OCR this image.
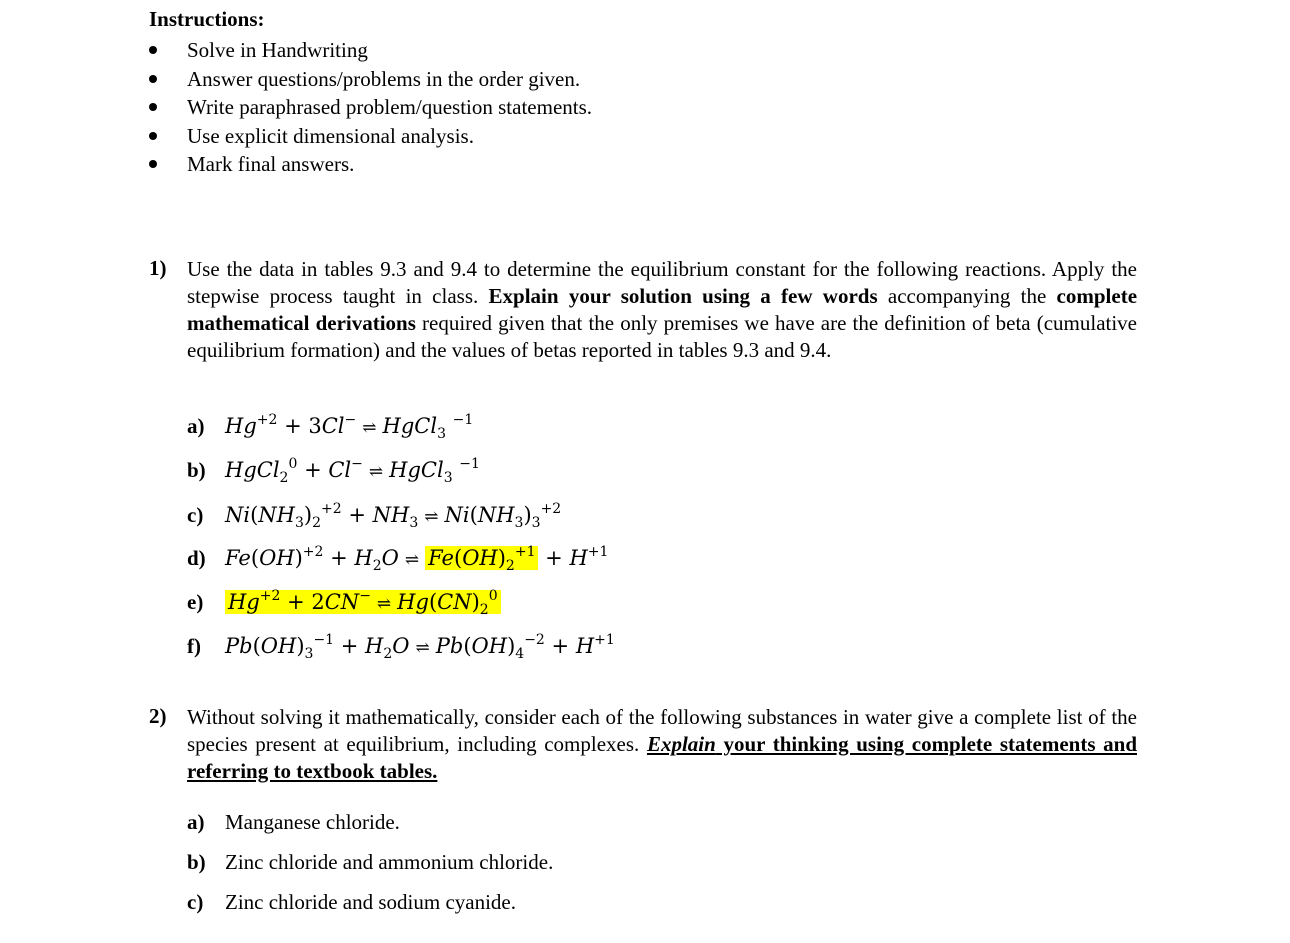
Instructions:
Solve in Handwriting
Answer questions/problems in the order given.
Write paraphrased problem/question statements.
Use explicit dimensional analysis.
Mark final answers.
1) Use the data in tables 9.3 and 9.4 to determine the equilibrium constant for the following reactions. Apply the stepwise process taught in class. Explain your solution using a few words accompanying the complete mathematical derivations required given that the only premises we have are the definition of beta (cumulative equilibrium formation) and the values of betas reported in tables 9.3 and 9.4.
a) $Hg^{+2} + 3Cl^-$ ⇌ HgCl$_3$ $^{-1}$
b) HgCl$_2^0$ + Cl− ⇌ HgCl$_3$ $^{-1}$
c) $Ni(NH_3)_2^{+2} + NH_3$ ⇌ $Ni(NH_3)_3^{+2}$
d) $Fe(OH)^{+2} + H_2O$ ⇌ $Fe(OH)_2^{+1} + H^{+1}$
e) $Hg^{+2} + 2CN^-$ ⇌ $Hg(CN)_2^0$
f) $Pb(OH)_3^{-1} + H_2O$ ⇌ $Pb(OH)_4^{-2} + H^{+1}$
2) Without solving it mathematically, consider each of the following substances in water give a complete list of the species present at equilibrium, including complexes. Explain your thinking using complete statements and referring to textbook tables.
a) Manganese chloride.
b) Zinc chloride and ammonium chloride.
c) Zinc chloride and sodium cyanide.
